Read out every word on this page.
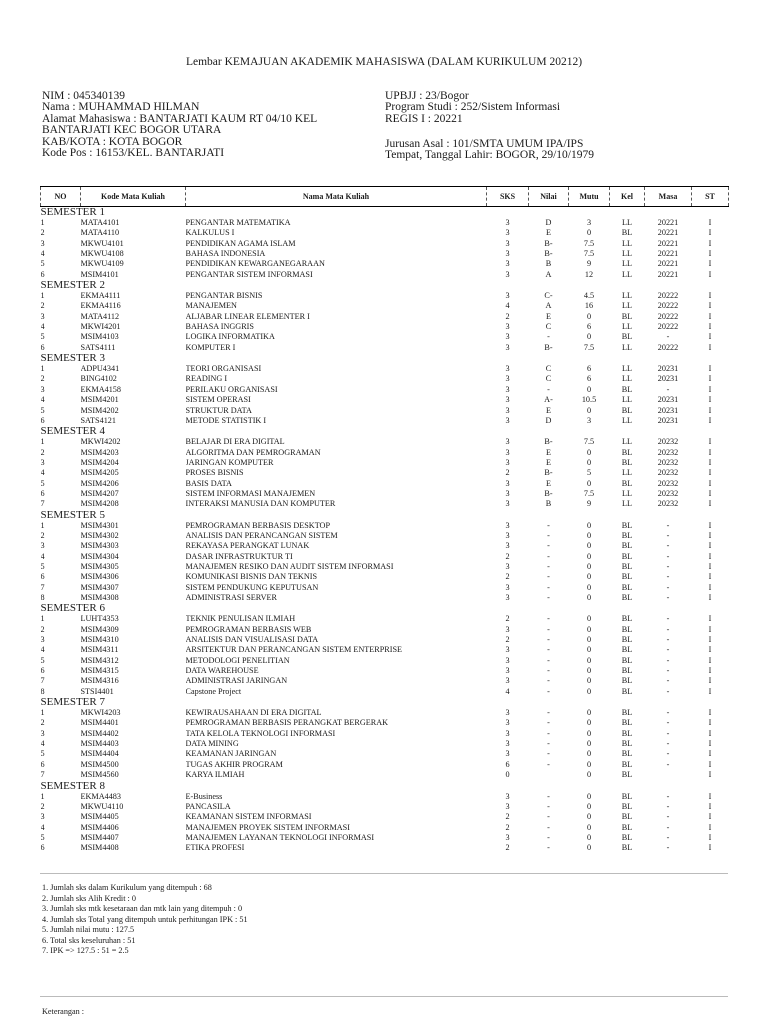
Lembar KEMAJUAN AKADEMIK MAHASISWA (DALAM KURIKULUM 20212)
NIM : 045340139
Nama : MUHAMMAD HILMAN
Alamat Mahasiswa : BANTARJATI KAUM RT 04/10 KEL
BANTARJATI KEC BOGOR UTARA
KAB/KOTA : KOTA BOGOR
Kode Pos : 16153/KEL. BANTARJATI
UPBJJ : 23/Bogor
Program Studi : 252/Sistem Informasi
REGIS I : 20221
Jurusan Asal : 101/SMTA UMUM IPA/IPS
Tempat, Tanggal Lahir: BOGOR, 29/10/1979
NO	Kode Mata Kuliah	Nama Mata Kuliah	SKS	Nilai	Mutu	Kel	Masa	ST
SEMESTER 1								
1	MATA4101	PENGANTAR MATEMATIKA	3	D	3	LL	20221	I
2	MATA4110	KALKULUS I	3	E	0	BL	20221	I
3	MKWU4101	PENDIDIKAN AGAMA ISLAM	3	B-	7.5	LL	20221	I
4	MKWU4108	BAHASA INDONESIA	3	B-	7.5	LL	20221	I
5	MKWU4109	PENDIDIKAN KEWARGANEGARAAN	3	B	9	LL	20221	I
6	MSIM4101	PENGANTAR SISTEM INFORMASI	3	A	12	LL	20221	I
SEMESTER 2								
1	EKMA4111	PENGANTAR BISNIS	3	C-	4.5	LL	20222	I
2	EKMA4116	MANAJEMEN	4	A	16	LL	20222	I
3	MATA4112	ALJABAR LINEAR ELEMENTER I	2	E	0	BL	20222	I
4	MKWI4201	BAHASA INGGRIS	3	C	6	LL	20222	I
5	MSIM4103	LOGIKA INFORMATIKA	3	-	0	BL	-	I
6	SATS4111	KOMPUTER I	3	B-	7.5	LL	20222	I
SEMESTER 3								
1	ADPU4341	TEORI ORGANISASI	3	C	6	LL	20231	I
2	BING4102	READING I	3	C	6	LL	20231	I
3	EKMA4158	PERILAKU ORGANISASI	3	-	0	BL	-	I
4	MSIM4201	SISTEM OPERASI	3	A-	10.5	LL	20231	I
5	MSIM4202	STRUKTUR DATA	3	E	0	BL	20231	I
6	SATS4121	METODE STATISTIK I	3	D	3	LL	20231	I
SEMESTER 4								
1	MKWI4202	BELAJAR DI ERA DIGITAL	3	B-	7.5	LL	20232	I
2	MSIM4203	ALGORITMA DAN PEMROGRAMAN	3	E	0	BL	20232	I
3	MSIM4204	JARINGAN KOMPUTER	3	E	0	BL	20232	I
4	MSIM4205	PROSES BISNIS	2	B-	5	LL	20232	I
5	MSIM4206	BASIS DATA	3	E	0	BL	20232	I
6	MSIM4207	SISTEM INFORMASI MANAJEMEN	3	B-	7.5	LL	20232	I
7	MSIM4208	INTERAKSI MANUSIA DAN KOMPUTER	3	B	9	LL	20232	I
SEMESTER 5								
1	MSIM4301	PEMROGRAMAN BERBASIS DESKTOP	3	-	0	BL	-	I
2	MSIM4302	ANALISIS DAN PERANCANGAN SISTEM	3	-	0	BL	-	I
3	MSIM4303	REKAYASA PERANGKAT LUNAK	3	-	0	BL	-	I
4	MSIM4304	DASAR INFRASTRUKTUR TI	2	-	0	BL	-	I
5	MSIM4305	MANAJEMEN RESIKO DAN AUDIT SISTEM INFORMASI	3	-	0	BL	-	I
6	MSIM4306	KOMUNIKASI BISNIS DAN TEKNIS	2	-	0	BL	-	I
7	MSIM4307	SISTEM PENDUKUNG KEPUTUSAN	3	-	0	BL	-	I
8	MSIM4308	ADMINISTRASI SERVER	3	-	0	BL	-	I
SEMESTER 6								
1	LUHT4353	TEKNIK PENULISAN ILMIAH	2	-	0	BL	-	I
2	MSIM4309	PEMROGRAMAN BERBASIS WEB	3	-	0	BL	-	I
3	MSIM4310	ANALISIS DAN VISUALISASI DATA	2	-	0	BL	-	I
4	MSIM4311	ARSITEKTUR DAN PERANCANGAN SISTEM ENTERPRISE	3	-	0	BL	-	I
5	MSIM4312	METODOLOGI PENELITIAN	3	-	0	BL	-	I
6	MSIM4315	DATA WAREHOUSE	3	-	0	BL	-	I
7	MSIM4316	ADMINISTRASI JARINGAN	3	-	0	BL	-	I
8	STSI4401	Capstone Project	4	-	0	BL	-	I
SEMESTER 7								
1	MKWI4203	KEWIRAUSAHAAN DI ERA DIGITAL	3	-	0	BL	-	I
2	MSIM4401	PEMROGRAMAN BERBASIS PERANGKAT BERGERAK	3	-	0	BL	-	I
3	MSIM4402	TATA KELOLA TEKNOLOGI INFORMASI	3	-	0	BL	-	I
4	MSIM4403	DATA MINING	3	-	0	BL	-	I
5	MSIM4404	KEAMANAN JARINGAN	3	-	0	BL	-	I
6	MSIM4500	TUGAS AKHIR PROGRAM	6	-	0	BL	-	I
7	MSIM4560	KARYA ILMIAH	0		0	BL		I
SEMESTER 8								
1	EKMA4483	E-Business	3	-	0	BL	-	I
2	MKWU4110	PANCASILA	3	-	0	BL	-	I
3	MSIM4405	KEAMANAN SISTEM INFORMASI	2	-	0	BL	-	I
4	MSIM4406	MANAJEMEN PROYEK SISTEM INFORMASI	2	-	0	BL	-	I
5	MSIM4407	MANAJEMEN LAYANAN TEKNOLOGI INFORMASI	3	-	0	BL	-	I
6	MSIM4408	ETIKA PROFESI	2	-	0	BL	-	I
1. Jumlah sks dalam Kurikulum yang ditempuh : 68
2. Jumlah sks Alih Kredit : 0
3. Jumlah sks mtk kesetaraan dan mtk lain yang ditempuh : 0
4. Jumlah sks Total yang ditempuh untuk perhitungan IPK : 51
5. Jumlah nilai mutu : 127.5
6. Total sks keseluruhan : 51
7. IPK => 127.5 : 51 = 2.5
Keterangan :
